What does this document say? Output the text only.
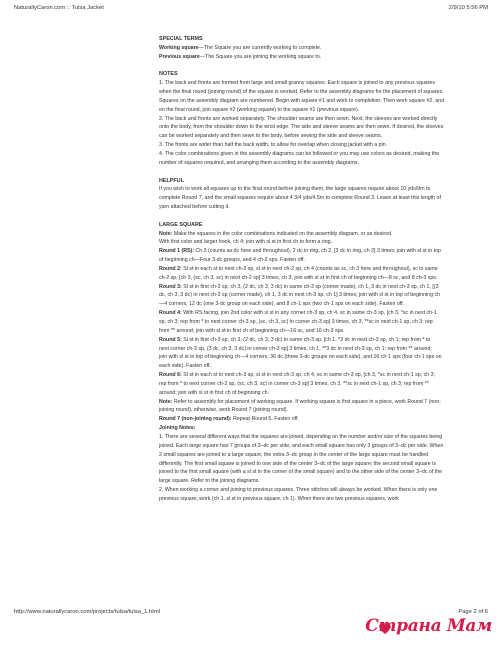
NaturallyCaron.com :: Tulsa Jacket	2/9/10 5:56 PM
SPECIAL TERMS
Working square—The Square you are currently working to complete.
Previous square—The Square you are joining the working square to.
NOTES
1. The back and fronts are formed from large and small granny squares. Each square is joined to any previous squares
when the final round (joining round) of the square is worked. Refer to the assembly diagrams for the placement of squares.
Squares on the assembly diagram are numbered. Begin with square #1 and work to completion. Then work square #2, and
on the final round, join square #2 (working square) to the square #1 (previous square).
2. The back and fronts are worked separately. The shoulder seams are then sewn. Next, the sleeves are worked directly
onto the body, from the shoulder down to the wrist edge. The side and sleeve seams are then sewn. If desired, the sleeves
can be worked separately and then sewn to the body, before sewing the side and sleeve seams.
3. The fronts are wider than half the back width, to allow for overlap when closing jacket with a pin.
4. The color combinations given in the assembly diagrams can be followed or you may use colors as desired, making the
number of squares required, and arranging them according to the assembly diagrams.
HELPFUL
If you wish to work all squares up to the final round before joining them, the large squares require about 10 yds/9m to
complete Round 7, and the small squares require about 4 3/4 yds/4.5m to complete Round 3. Leave at least this length of
yarn attached before cutting it.
LARGE SQUARE
Note: Make the squares in the color combinations indicated on the assembly diagram, or as desired.
With first color and larger hook, ch 4; join with sl st in first ch to form a ring.
Round 1 (RS): Ch 3 (counts as dc here and throughout), 2 dc in ring, ch 2, [3 dc in ring, ch 2] 3 times; join with sl st in top
of beginning ch—Four 3-dc groups, and 4 ch-2 sps. Fasten off.
Round 2: Sl st in each st to next ch-2 sp, sl st in next ch-2 sp, ch 4 (counts as sc, ch 3 here and throughout), sc in same
ch-2 sp, [ch 3, (sc, ch 3, sc) in next ch-2 sp] 3 times, ch 3; join with sl st in first ch of beginning ch—8 sc, and 8 ch-3 sps.
Round 3: Sl st in first ch-3 sp, ch 3, (2 dc, ch 3, 3 dc) in same ch-3 sp (corner made), ch 1, 3 dc in next ch-3 sp, ch 1, [(3
dc, ch 3, 3 dc) in next ch-3 sp (corner made), ch 1, 3 dc in next ch-3 sp, ch 1] 3 times; join with sl st in top of beginning ch
—4 corners, 12 dc (one 3-dc group on each side), and 8 ch-1 sps (two ch-1 sps on each side). Fasten off.
Round 4: With RS facing, join 2nd color with sl st in any corner ch-3 sp, ch 4, sc in same ch-3 sp, [ch 3, *sc in next ch-1
sp, ch 3; rep from * to next corner ch-3 sp, (sc, ch 3, sc) in corner ch-3 sp] 3 times, ch 3, **sc in next ch-1 sp, ch 3; rep
from ** around; join with sl st in first ch of beginning ch—16 sc, and 16 ch-3 sps.
Round 5: Sl st in first ch-3 sp, ch 3, (2 dc, ch 3, 3 dc) in same ch-3 sp, [ch 1, *3 dc in next ch-3 sp, ch 1; rep from * to
next corner ch-3 sp, (3 dc, ch 3, 3 dc) in corner ch-3 sp] 3 times, ch 1, **3 dc in next ch-3 sp, ch 1; rep from ** around;
join with sl st in top of beginning ch—4 corners, 36 dc (three 3-dc groups on each side), and 16 ch-1 sps (four ch-1 sps on
each side). Fasten off.
Round 6: Sl st in each st to next ch-3 sp, sl st in next ch-3 sp, ch 4, sc in same ch-3 sp, [ch 3, *sc in next ch-1 sp, ch 3;
rep from * to next corner ch-3 sp, (sc, ch 3, sc) in corner ch-3 sp] 3 times, ch 3, **sc in next ch-1 sp, ch 3; rep from **
around; join with sl st in first ch of beginning ch.
Note: Refer to assembly for placement of working square. If working square is first square in a piece, work Round 7 (non-
joining round), otherwise, work Round 7 (joining round).
Round 7 (non-joining round): Repeat Round 5. Fasten off.
Joining Notes:
1. There are several different ways that the squares are joined, depending on the number and/or size of the squares being
joined. Each large square has 7 groups of 3–dc per side, and each small square has only 3 groups of 3–dc per side. When
2 small squares are joined to a large square, the extra 3–dc group in the center of the large square must be handled
differently. The first small square is joined to one side of the center 3–dc of the large square; the second small square is
joined to the first small square (with a sl st in the corner of the small square) and to the other side of the center 3–dc of the
large square. Refer to the joining diagrams.
2. When working a corner and joining to previous squares. Three stitches will always be worked. When there is only one
previous square, work (ch 1, sl st in previous square, ch 1). When there are two previous squares, work
http://www.naturallycaron.com/projects/tulsa/tulsa_1.html	Page 2 of 6
Страна Мам
